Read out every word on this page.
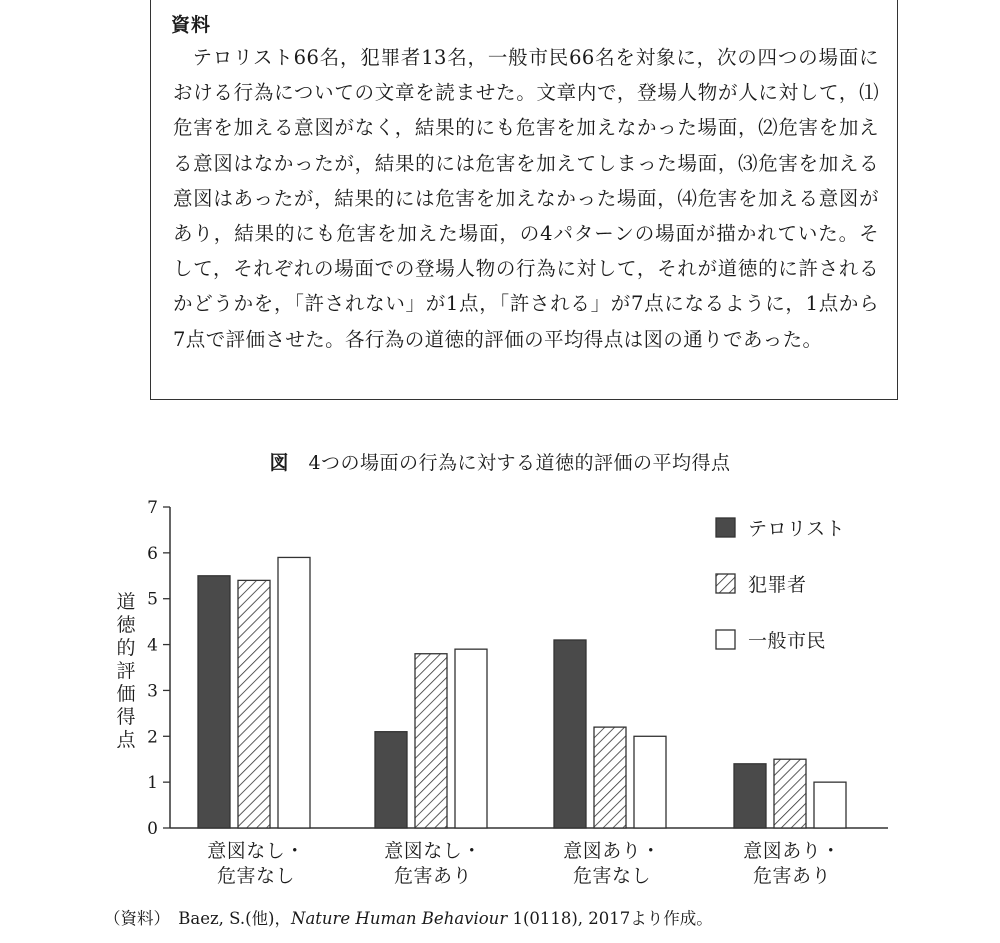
資料

テロリスト66名，犯罪者13名，一般市民66名を対象に，次の四つの場面における行為についての文章を読ませた。文章内で，登場人物が人に対して，⑴危害を加える意図がなく，結果的にも危害を加えなかった場面，⑵危害を加える意図はなかったが，結果的には危害を加えてしまった場面，⑶危害を加える意図はあったが，結果的には危害を加えなかった場面，⑷危害を加える意図があり，結果的にも危害を加えた場面，の4パターンの場面が描かれていた。そして，それぞれの場面での登場人物の行為に対して，それが道徳的に許されるかどうかを，「許されない」が1点，「許される」が7点になるように，1点から7点で評価させた。各行為の道徳的評価の平均得点は図の通りであった。

図　 4つの場面の行為に対する道徳的評価の平均得点
0
1
2
3
4
5
6
7
道
徳
的
評
価
得
点
意図なし・
危害なし
意図なし・
危害あり
意図あり・
危害なし
意図あり・
危害あり
テロリスト
犯罪者
一般市民
（資料）　Baez, S.(他)，Nature Human Behaviour 1(0118), 2017より作成。
